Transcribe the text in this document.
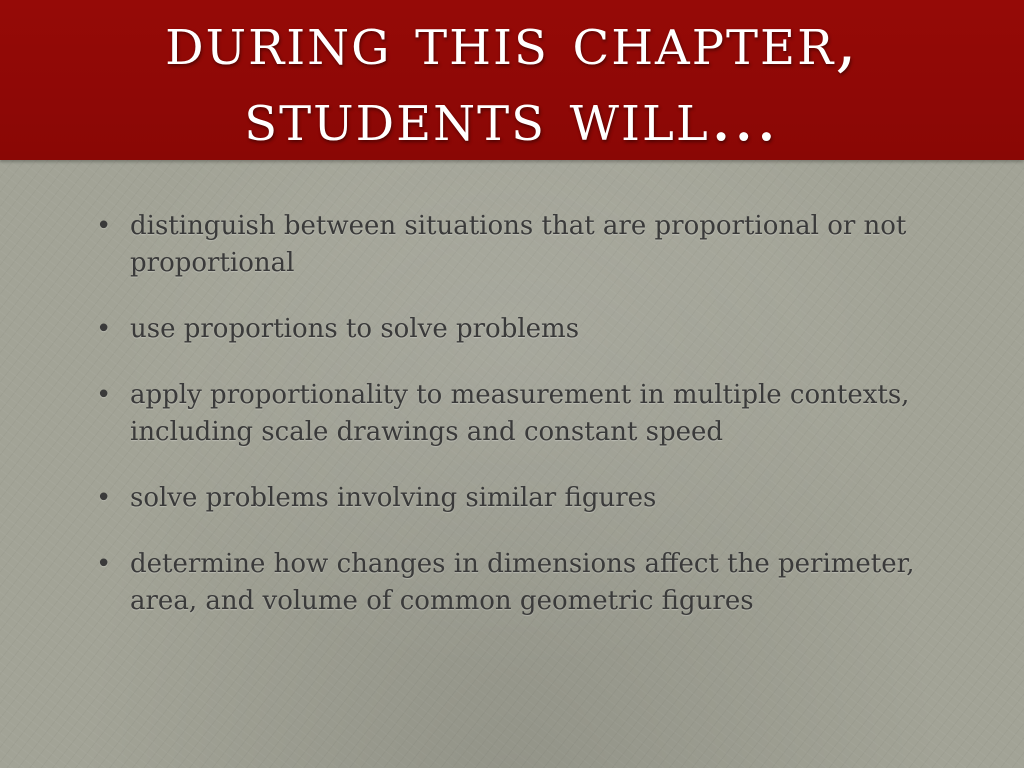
during this chapter,
students will…
• distinguish between situations that are proportional or not proportional
• use proportions to solve problems
• apply proportionality to measurement in multiple contexts, including scale drawings and constant speed
• solve problems involving similar figures
• determine how changes in dimensions affect the perimeter, area, and volume of common geometric figures
